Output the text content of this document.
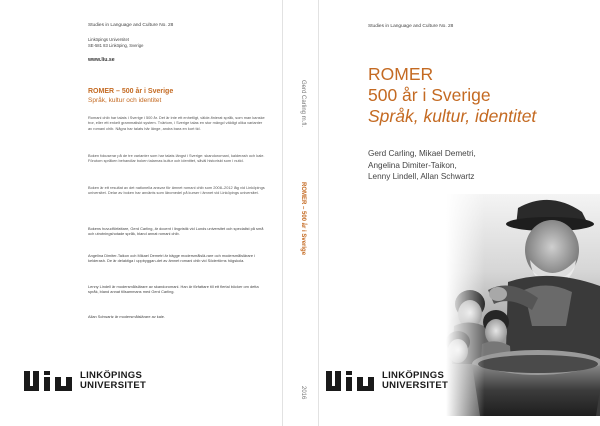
Studies in Language and Culture No. 28
Linköpings Universitet
SE-581 83 Linköping, Sverige
www.liu.se
ROMER – 500 år i Sverige
Språk, kultur och identitet
Romani chib har talats i Sverige i 500 år. Det är inte ett enhetligt, välde-finierat språk, som man kanske tror, eller ett enkelt grammatiskt system. Tvärtom, i Sverige talas en stor mängd väldigt olika varianter av romani chib. Några har talats här länge, andra bara en kort tid.
Boken fokuserar på de tre varianter som har talats längst i Sverige: skandoromani, kalderash och kale. Förutom språken behandlar boken talarnas kultur och identitet, såväl historiskt som i nutid.
Boken är ett resultat av det nationella ansvar för ämnet romani chib som 2008–2012 låg vid Linköpings universitet. Delar av boken har använts som läromedel på kurser i ämnet vid Linköpings universitet.
Bokens huvudförfattare, Gerd Carling, är docent i lingvistik vid Lunds universitet och specialist på små och utrotningshotade språk, bland annat romani chib.
Angelina Dimiter-Taikon och Mikael Demetri är bägge modersmålslä-rare och modersmålslärare i kelderash. De är delaktiga i uppbyggan-det av ämnet romani chib vid Södertörns högskola.
Lenny Lindell är modersmålslärare av skandoromani. Han är författare till ett flertal böcker om detta språk, bland annat tillsammans med Gerd Carling.
Allan Schwartz är modersmålslärare av kale.
LINKÖPINGS
UNIVERSITET
Gerd Carling m.fl.
ROMER – 500 år i Sverige
2016
Studies in Language and Culture No. 28
ROMER
500 år i Sverige
Språk, kultur, identitet
Gerd Carling, Mikael Demetri,
Angelina Dimiter-Taikon,
Lenny Lindell, Allan Schwartz
LINKÖPINGS
UNIVERSITET
